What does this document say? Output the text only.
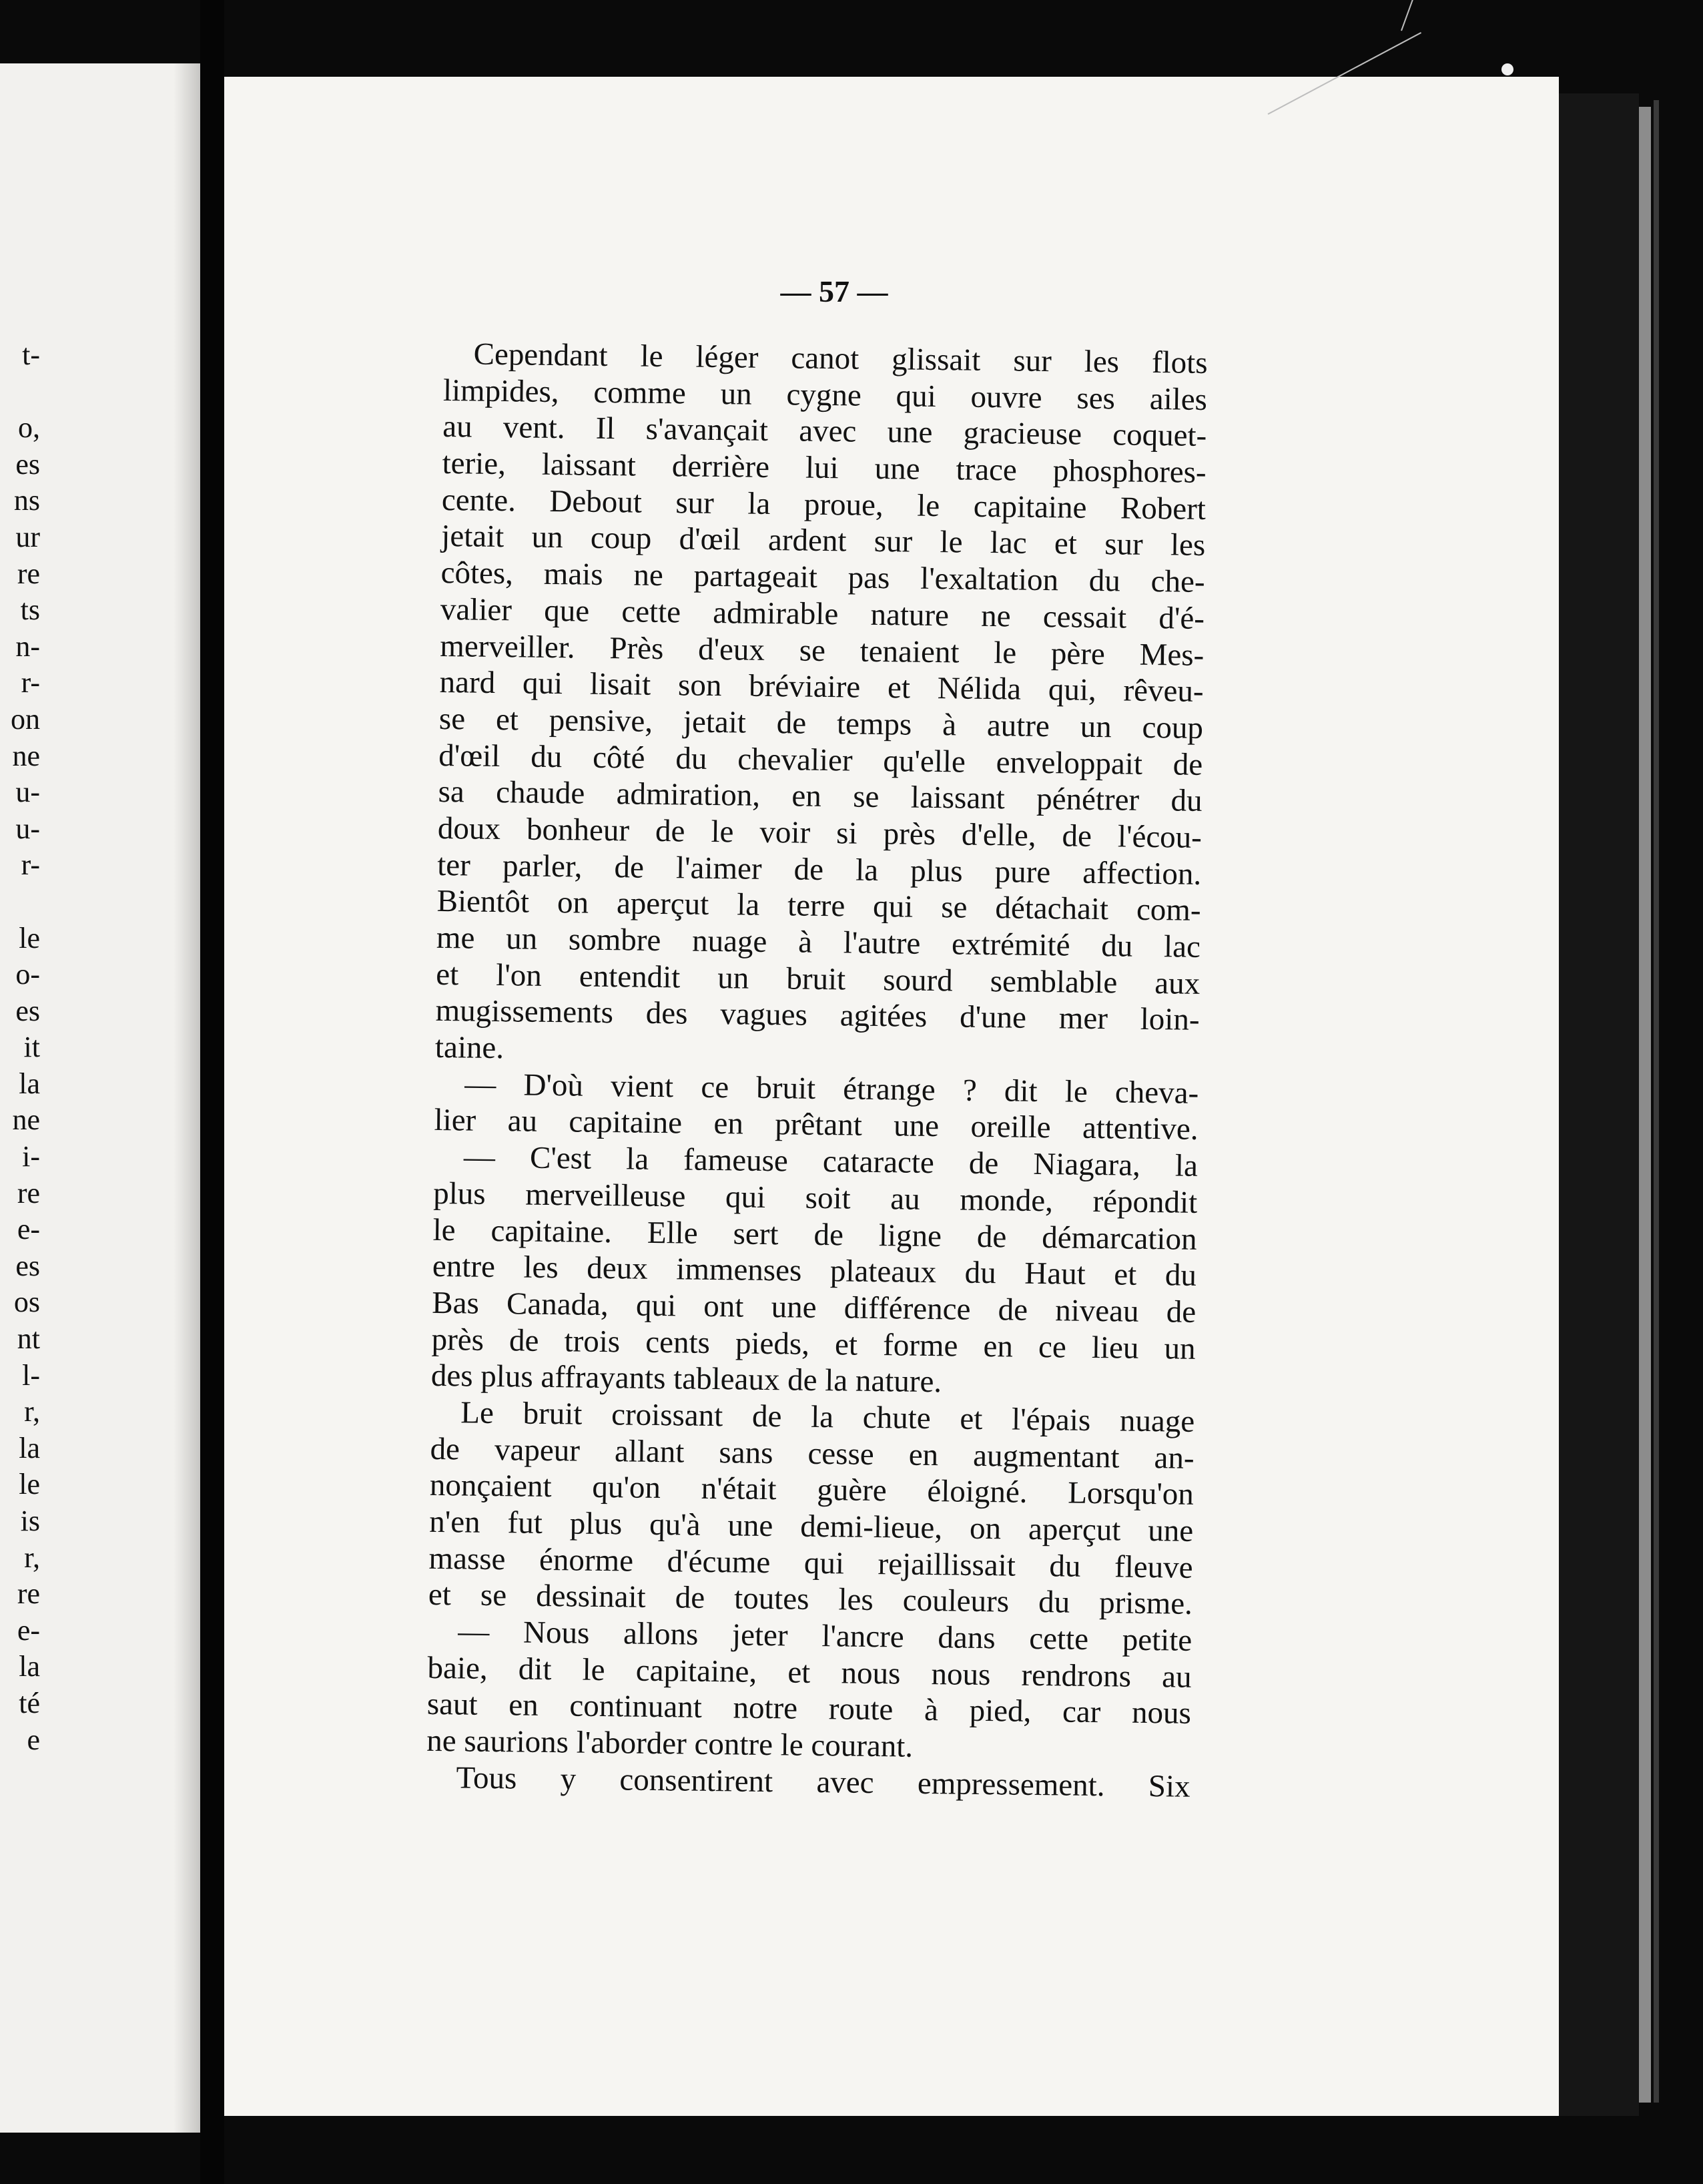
t-
o,
es
ns
ur
re
ts
n-
r-
on
ne
u-
u-
r-
le
o-
es
it
la
ne
i-
re
e-
es
os
nt
l-
r,
la
le
is
r,
re
e-
la
té
e
— 57 —
Cependant le léger canot glissait sur les flots
limpides, comme un cygne qui ouvre ses ailes
au vent. Il s'avançait avec une gracieuse coquet-
terie, laissant derrière lui une trace phosphores-
cente. Debout sur la proue, le capitaine Robert
jetait un coup d'œil ardent sur le lac et sur les
côtes, mais ne partageait pas l'exaltation du che-
valier que cette admirable nature ne cessait d'é-
merveiller. Près d'eux se tenaient le père Mes-
nard qui lisait son bréviaire et Nélida qui, rêveu-
se et pensive, jetait de temps à autre un coup
d'œil du côté du chevalier qu'elle enveloppait de
sa chaude admiration, en se laissant pénétrer du
doux bonheur de le voir si près d'elle, de l'écou-
ter parler, de l'aimer de la plus pure affection.
Bientôt on aperçut la terre qui se détachait com-
me un sombre nuage à l'autre extrémité du lac
et l'on entendit un bruit sourd semblable aux
mugissements des vagues agitées d'une mer loin-
taine.
— D'où vient ce bruit étrange ? dit le cheva-
lier au capitaine en prêtant une oreille attentive.
— C'est la fameuse cataracte de Niagara, la
plus merveilleuse qui soit au monde, répondit
le capitaine. Elle sert de ligne de démarcation
entre les deux immenses plateaux du Haut et du
Bas Canada, qui ont une différence de niveau de
près de trois cents pieds, et forme en ce lieu un
des plus affrayants tableaux de la nature.
Le bruit croissant de la chute et l'épais nuage
de vapeur allant sans cesse en augmentant an-
nonçaient qu'on n'était guère éloigné. Lorsqu'on
n'en fut plus qu'à une demi-lieue, on aperçut une
masse énorme d'écume qui rejaillissait du fleuve
et se dessinait de toutes les couleurs du prisme.
— Nous allons jeter l'ancre dans cette petite
baie, dit le capitaine, et nous nous rendrons au
saut en continuant notre route à pied, car nous
ne saurions l'aborder contre le courant.
Tous y consentirent avec empressement. Six
